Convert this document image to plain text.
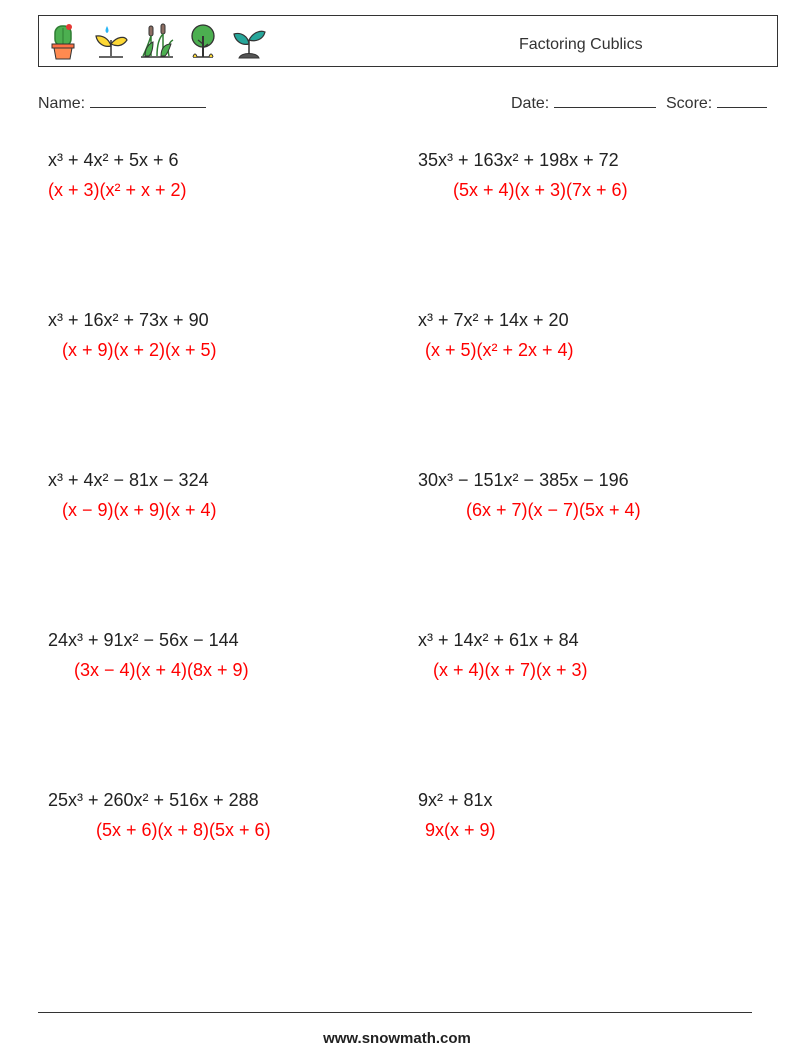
Factoring Cublics
Name:	Date:	Score:
x³ + 4x² + 5x + 6
(x + 3)(x² + x + 2)
35x³ + 163x² + 198x + 72
(5x + 4)(x + 3)(7x + 6)
x³ + 16x² + 73x + 90
(x + 9)(x + 2)(x + 5)
x³ + 7x² + 14x + 20
(x + 5)(x² + 2x + 4)
x³ + 4x² − 81x − 324
(x − 9)(x + 9)(x + 4)
30x³ − 151x² − 385x − 196
(6x + 7)(x − 7)(5x + 4)
24x³ + 91x² − 56x − 144
(3x − 4)(x + 4)(8x + 9)
x³ + 14x² + 61x + 84
(x + 4)(x + 7)(x + 3)
25x³ + 260x² + 516x + 288
(5x + 6)(x + 8)(5x + 6)
9x² + 81x
9x(x + 9)
www.snowmath.com
